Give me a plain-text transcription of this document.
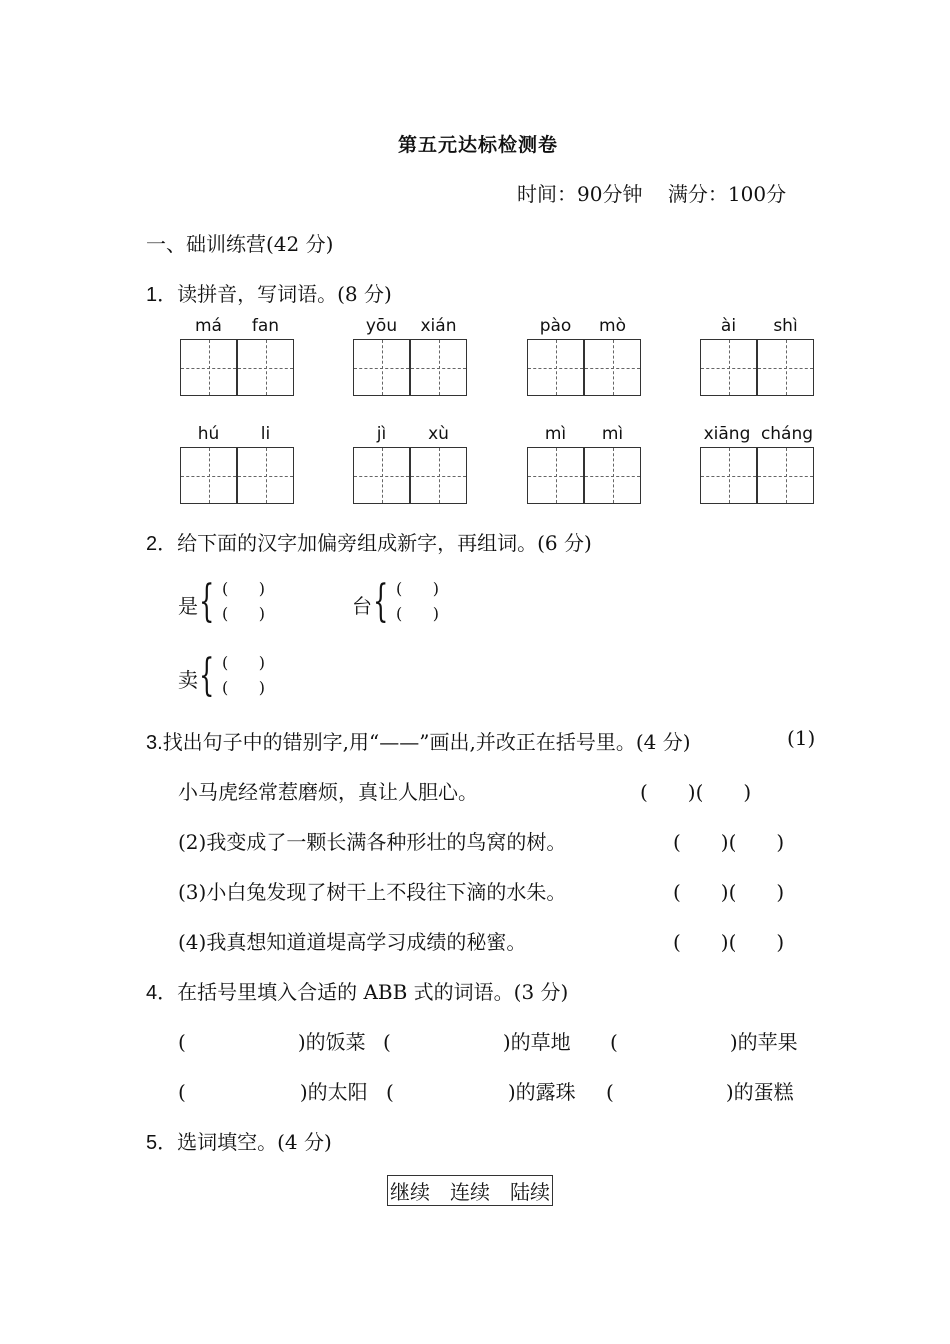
第五元达标检测卷
时间：90分钟 满分：100分
一、础训练营(42 分)
1．读拼音，写词语。(8 分)
má	fan	yōu	xián	pào	mò	ài	shì
hú	li	jì	xù	mì	mì	xiāng cháng
2．给下面的汉字加偏旁组成新字，再组词。(6 分)
是 { ( )
( )	台 { ( )
( )
卖 { ( )
( )
3.找出句子中的错别字,用“——”画出,并改正在括号里。(4 分)	(1)
小马虎经常惹磨烦，真让人胆心。	(　　)(　　)
(2)我变成了一颗长满各种形壮的鸟窝的树。	(　　)(　　)
(3)小白兔发现了树干上不段往下滴的水朱。	(　　)(　　)
(4)我真想知道道堤高学习成绩的秘蜜。	(　　)(　　)
4．在括号里填入合适的 ABB 式的词语。(3 分)
(	)的饭菜 (	)的草地 (	)的苹果
(	)的太阳 (	)的露珠 (	)的蛋糕
5．选词填空。(4 分)
继续　连续　陆续
